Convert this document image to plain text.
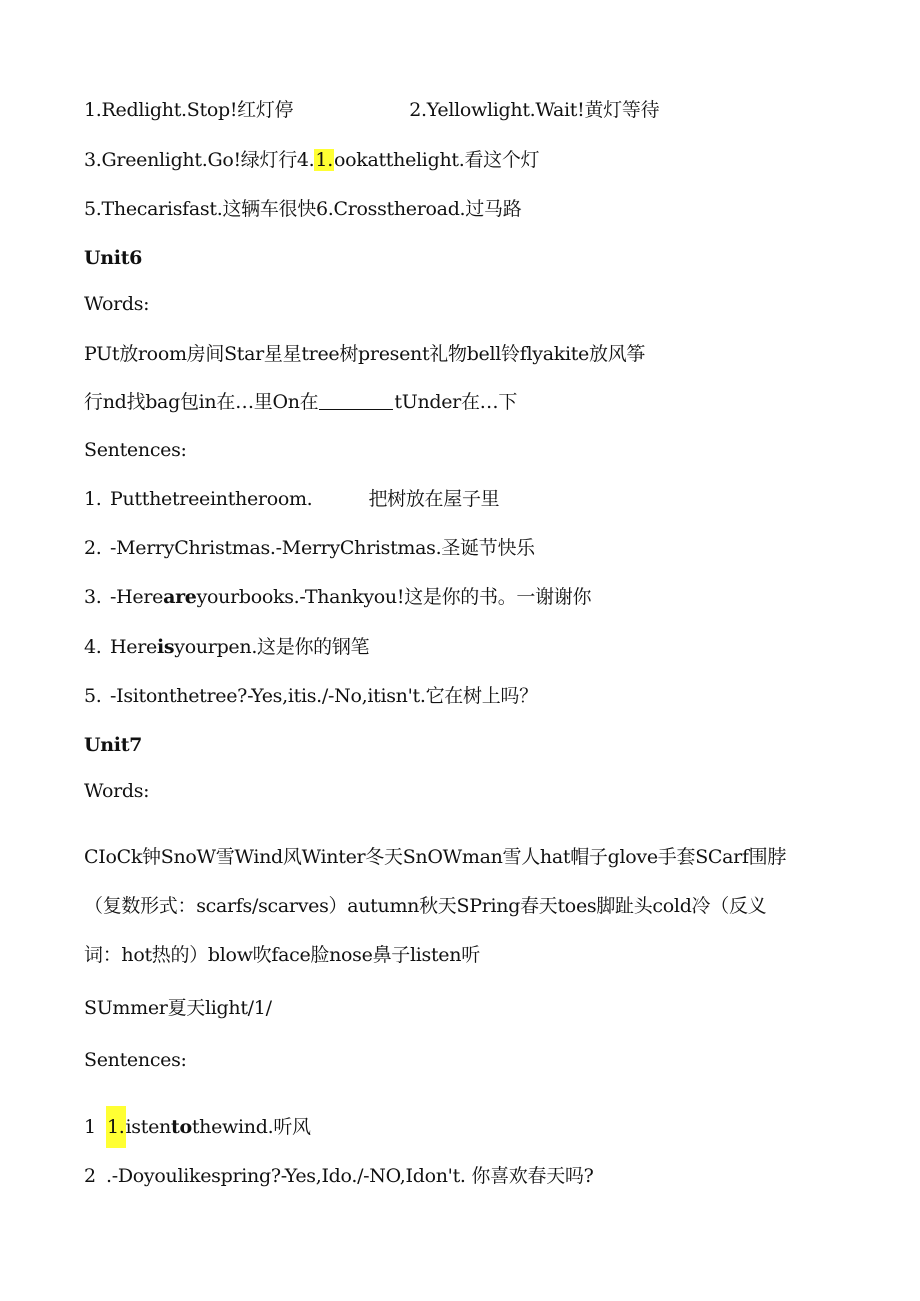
1.Redlight.Stop!红灯停	2.Yellowlight.Wait!黄灯等待
3.Greenlight.Go!绿灯行4.1.ookatthelight.看这个灯
5.Thecarisfast.这辆车很快6.Crosstheroad.过马路
Unit6
Words:
PUt放room房间Star星星tree树present礼物bell铃flyakite放风筝
行nd找bag包in在…里On在	tUnder在…下
Sentences:
1. Putthetreeintheroom.	把树放在屋子里
2. -MerryChristmas.-MerryChristmas.圣诞节快乐
3. -Hereareyourbooks.-Thankyou!这是你的书。一谢谢你
4. Hereisyourpen.这是你的钢笔
5. -Isitonthetree?-Yes,itis./-No,itisn't.它在树上吗？
Unit7
Words:
CIoCk钟SnoW雪Wind风Winter冬天SnOWman雪人hat帽子glove手套SCarf围脖
（复数形式：scarfs/scarves）autumn秋天SPring春天toes脚趾头cold冷（反义
词：hot热的）blow吹face脸nose鼻子listen听
SUmmer夏天light/1/
Sentences:
1 1.istentothewind.听风
2 .-Doyoulikespring?-Yes,Ido./-NO,Idon't. 你喜欢春天吗?
